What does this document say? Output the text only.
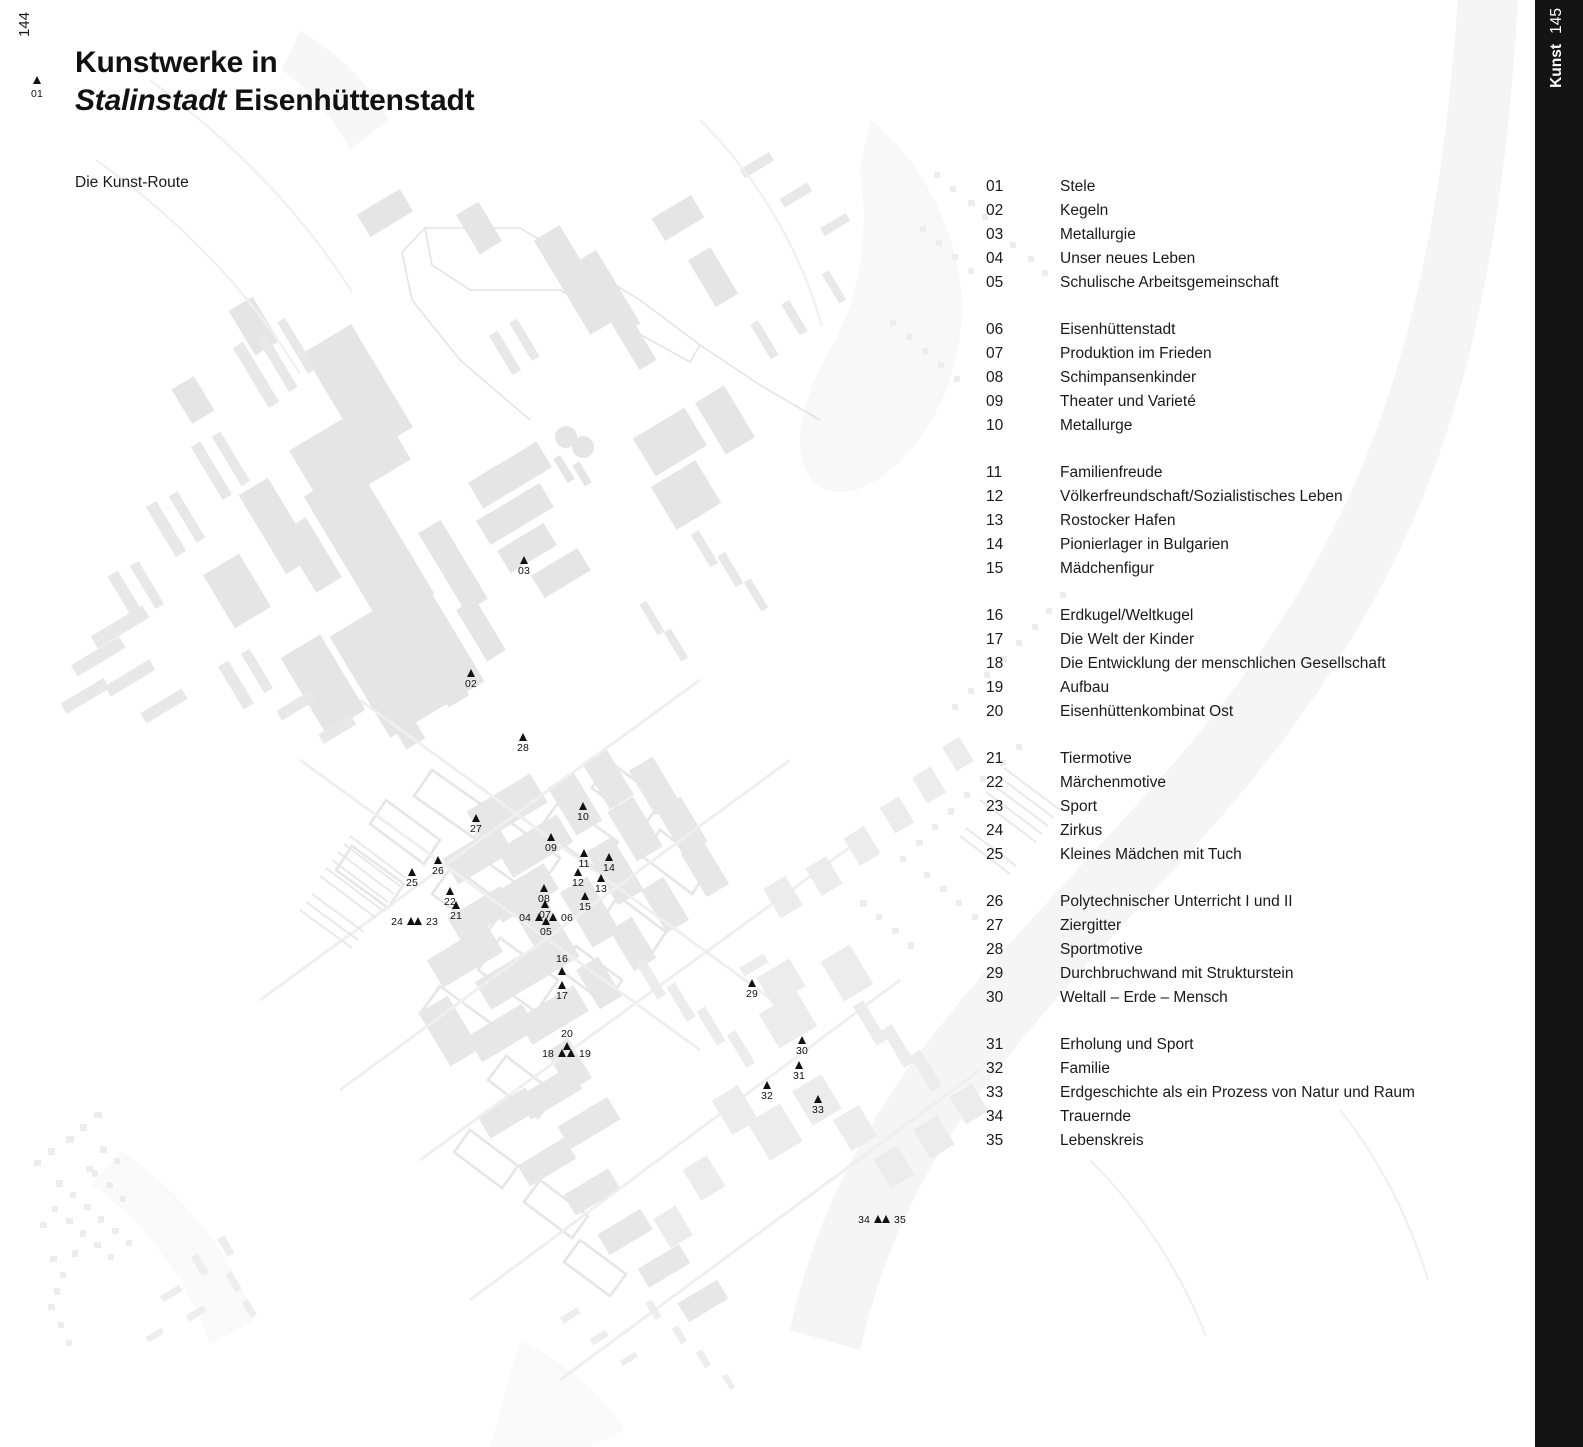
03
02
28
10
27
09
26
11 14
12 13
25
22	08
15
21	07
04	06
05
24 23
16
17	29
30
20
18 19
31
32
33
34 35
144
Kunstwerke in
Stalinstadt Eisenhüttenstadt
01
Die Kunst-Route	01	Stele
02	Kegeln
03	Metallurgie
04	Unser neues Leben
05	Schulische Arbeitsgemeinschaft
06	Eisenhüttenstadt
07	Produktion im Frieden
08	Schimpansenkinder
09	Theater und Varieté
10	Metallurge
11	Familienfreude
12	Völkerfreundschaft/Sozialistisches Leben
13	Rostocker Hafen
14	Pionierlager in Bulgarien
15	Mädchenfigur
16	Erdkugel/Weltkugel
17	Die Welt der Kinder
18	Die Entwicklung der menschlichen Gesellschaft
19	Aufbau
20	Eisenhüttenkombinat Ost
21	Tiermotive
22	Märchenmotive
23	Sport
24	Zirkus
25	Kleines Mädchen mit Tuch
26	Polytechnischer Unterricht I und II
27	Ziergitter
28	Sportmotive
29	Durchbruchwand mit Strukturstein
30	Weltall – Erde – Mensch
31	Erholung und Sport
32	Familie
33	Erdgeschichte als ein Prozess von Natur und Raum
34	Trauernde
35	Lebenskreis
145
Kunst
